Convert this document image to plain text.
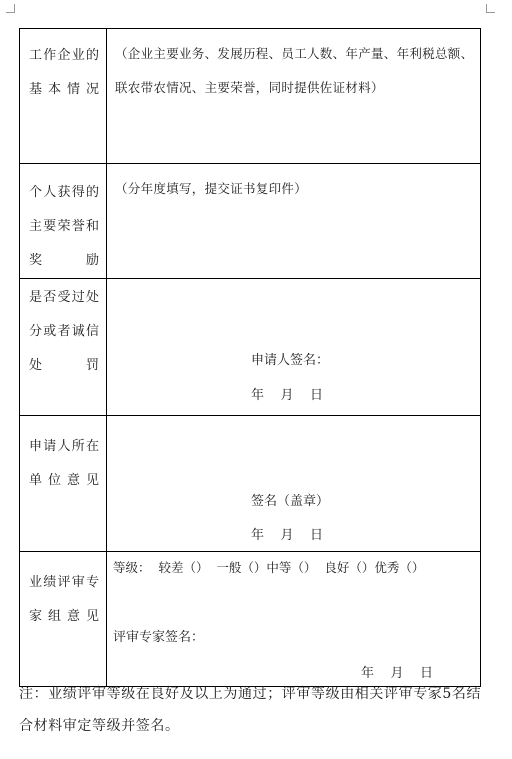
工作企业的基本情况	（企业主要业务、发展历程、员工人数、年产量、年利税总额、联农带农情况、主要荣誉，同时提供佐证材料）

个人获得的主要荣誉和奖励	（分年度填写，提交证书复印件）

是否受过处分或者诚信处罚	申请人签名：
年    月    日

申请人所在单位意见	签名（盖章）
年    月    日

业绩评审专家组意见	等级：  较差（）  一般（）中等（）  良好（）优秀（）
评审专家签名：
年    月    日
注：业绩评审等级在良好及以上为通过；评审等级由相关评审专家5名结合材料审定等级并签名。
